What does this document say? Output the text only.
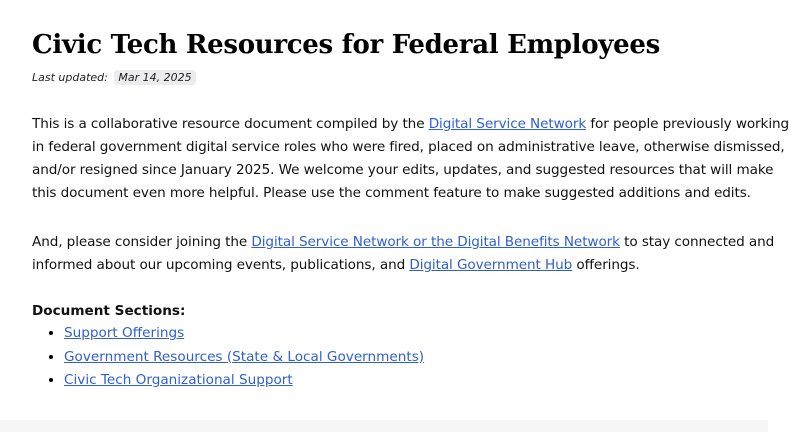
Civic Tech Resources for Federal Employees
Last updated: Mar 14, 2025
This is a collaborative resource document compiled by the Digital Service Network for people previously working
in federal government digital service roles who were fired, placed on administrative leave, otherwise dismissed,
and/or resigned since January 2025. We welcome your edits, updates, and suggested resources that will make
this document even more helpful. Please use the comment feature to make suggested additions and edits.
And, please consider joining the Digital Service Network or the Digital Benefits Network to stay connected and
informed about our upcoming events, publications, and Digital Government Hub offerings.
Document Sections:
• Support Offerings
• Government Resources (State & Local Governments)
• Civic Tech Organizational Support
